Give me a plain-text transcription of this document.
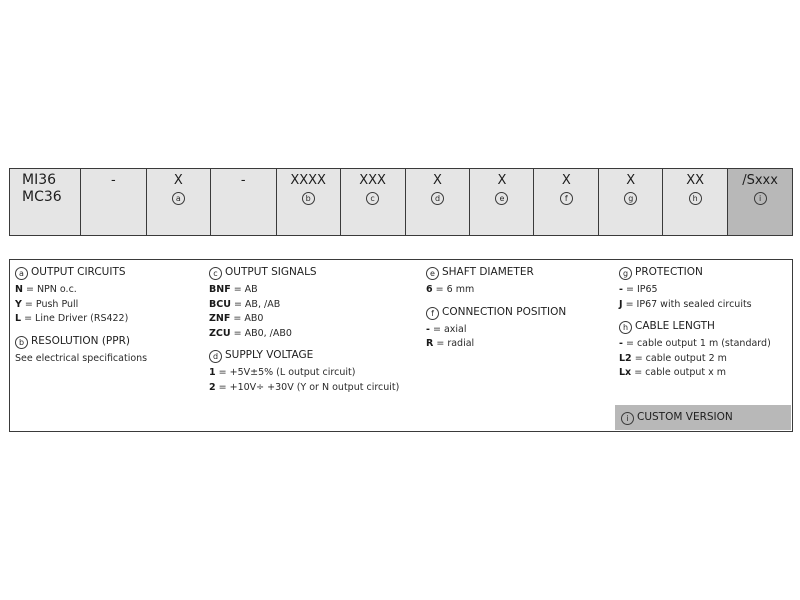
MI36
MC36
-	X
a
-	XXXX
b
XXX
c
X
d
X
e
X
f
X
g
XX
h
/Sxxx
i
a OUTPUT CIRCUITS
N = NPN o.c.
Y = Push Pull
L = Line Driver (RS422)
b RESOLUTION (PPR)
See electrical specifications
c OUTPUT SIGNALS
BNF = AB
BCU = AB, /AB
ZNF = AB0
ZCU = AB0, /AB0
d SUPPLY VOLTAGE
1 = +5V±5% (L output circuit)
2 = +10V÷ +30V (Y or N output circuit)
e SHAFT DIAMETER
6 = 6 mm
f CONNECTION POSITION
- = axial
R = radial
g PROTECTION
- = IP65
J = IP67 with sealed circuits
h CABLE LENGTH
- = cable output 1 m (standard)
L2 = cable output 2 m
Lx = cable output x m
i CUSTOM VERSION
